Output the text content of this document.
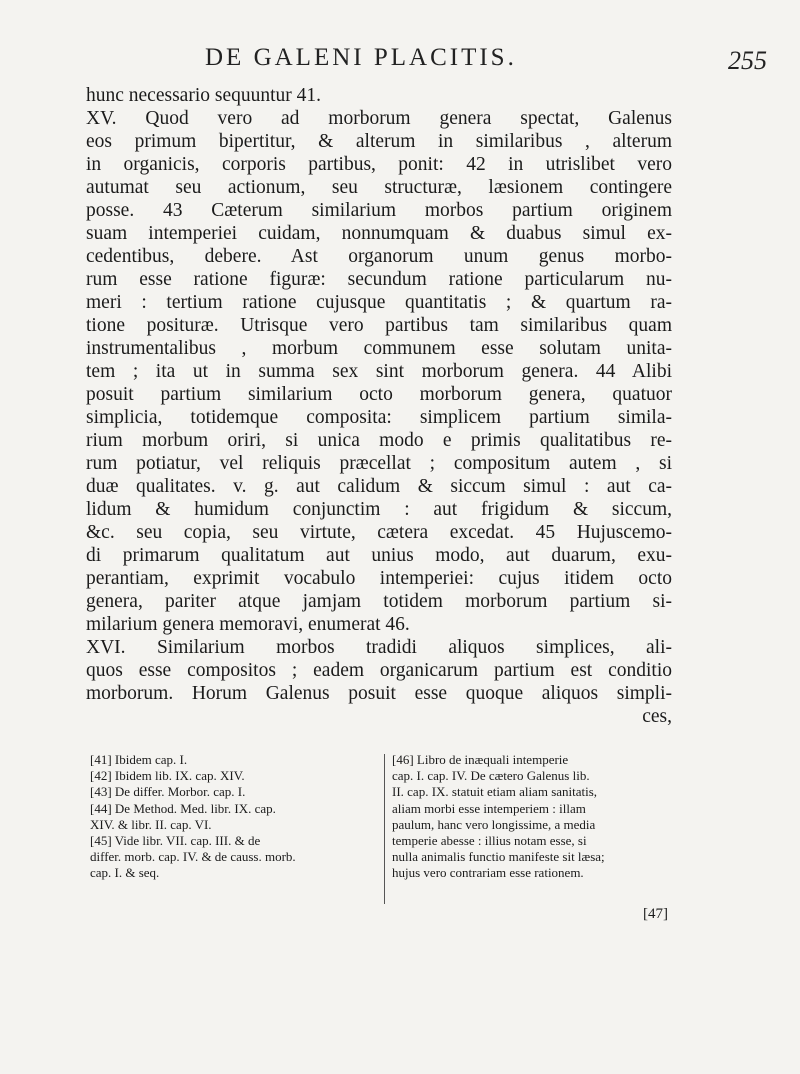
DE GALENI PLACITIS.	255
hunc necessario sequuntur 41.
XV. Quod vero ad morborum genera spectat, Galenus
eos primum bipertitur, & alterum in similaribus , alterum
in organicis, corporis partibus, ponit: 42 in utrislibet vero
autumat seu actionum, seu structuræ, læsionem contingere
posse. 43 Cæterum similarium morbos partium originem
suam intemperiei cuidam, nonnumquam & duabus simul ex-
cedentibus, debere. Ast organorum unum genus morbo-
rum esse ratione figuræ: secundum ratione particularum nu-
meri : tertium ratione cujusque quantitatis ; & quartum ra-
tione posituræ. Utrisque vero partibus tam similaribus quam
instrumentalibus , morbum communem esse solutam unita-
tem ; ita ut in summa sex sint morborum genera. 44 Alibi
posuit partium similarium octo morborum genera, quatuor
simplicia, totidemque composita: simplicem partium simila-
rium morbum oriri, si unica modo e primis qualitatibus re-
rum potiatur, vel reliquis præcellat ; compositum autem , si
duæ qualitates. v. g. aut calidum & siccum simul : aut ca-
lidum & humidum conjunctim : aut frigidum & siccum,
&c. seu copia, seu virtute, cætera excedat. 45 Hujuscemo-
di primarum qualitatum aut unius modo, aut duarum, exu-
perantiam, exprimit vocabulo intemperiei: cujus itidem octo
genera, pariter atque jamjam totidem morborum partium si-
milarium genera memoravi, enumerat 46.
XVI. Similarium morbos tradidi aliquos simplices, ali-
quos esse compositos ; eadem organicarum partium est conditio
morborum. Horum Galenus posuit esse quoque aliquos simpli-
ces,
[41] Ibidem cap. I.
[42] Ibidem lib. IX. cap. XIV.
[43] De differ. Morbor. cap. I.
[44] De Method. Med. libr. IX. cap.
XIV. & libr. II. cap. VI.
[45] Vide libr. VII. cap. III. & de
differ. morb. cap. IV. & de causs. morb.
cap. I. & seq.
[46] Libro de inæquali intemperie
cap. I. cap. IV. De cætero Galenus lib.
II. cap. IX. statuit etiam aliam sanitatis,
aliam morbi esse intemperiem : illam
paulum, hanc vero longissime, a media
temperie abesse : illius notam esse, si
nulla animalis functio manifeste sit læsa;
hujus vero contrariam esse rationem.
[47]
